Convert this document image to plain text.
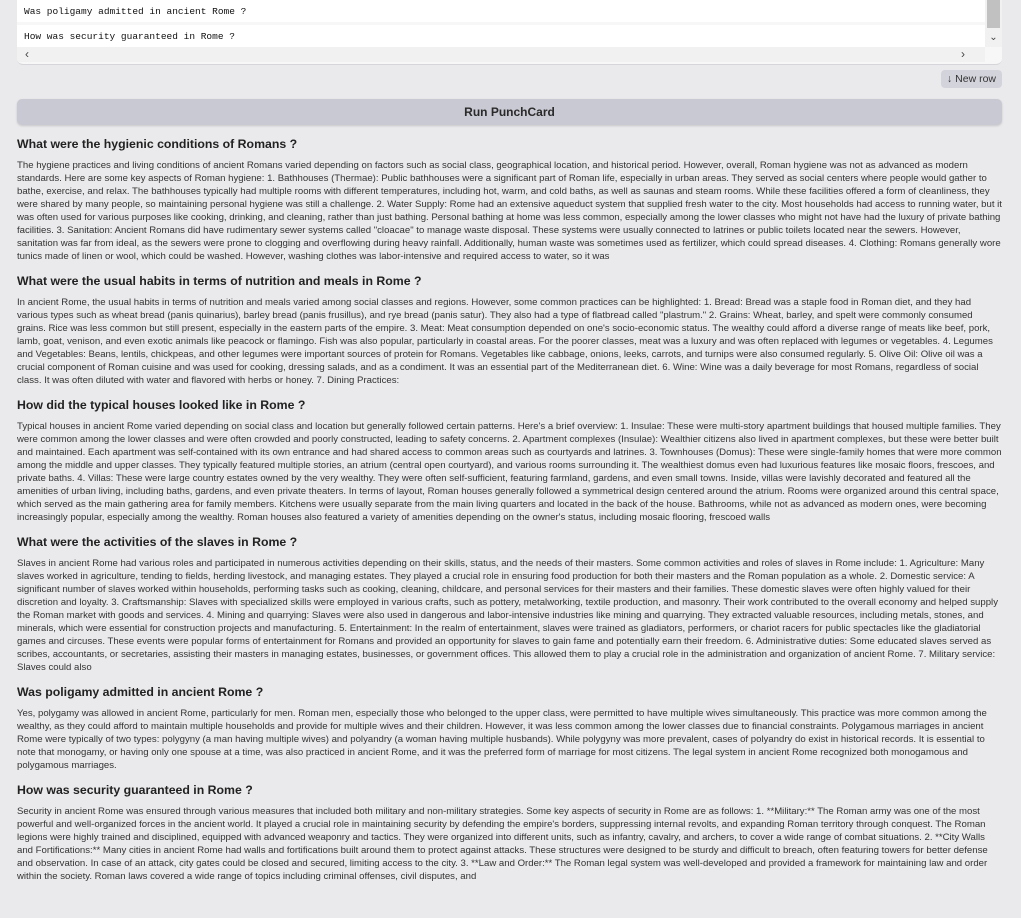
Was poligamy admitted in ancient Rome ?
How was security guaranteed in Rome ?	⌄
‹	›
↓ New row
Run PunchCard
What were the hygienic conditions of Romans ?

The hygiene practices and living conditions of ancient Romans varied depending on factors such as social class, geographical location, and historical period. However, overall, Roman hygiene was not as advanced as modern standards. Here are some key aspects of Roman hygiene: 1. Bathhouses (Thermae): Public bathhouses were a significant part of Roman life, especially in urban areas. They served as social centers where people would gather to bathe, exercise, and relax. The bathhouses typically had multiple rooms with different temperatures, including hot, warm, and cold baths, as well as saunas and steam rooms. While these facilities offered a form of cleanliness, they were shared by many people, so maintaining personal hygiene was still a challenge. 2. Water Supply: Rome had an extensive aqueduct system that supplied fresh water to the city. Most households had access to running water, but it was often used for various purposes like cooking, drinking, and cleaning, rather than just bathing. Personal bathing at home was less common, especially among the lower classes who might not have had the luxury of private bathing facilities. 3. Sanitation: Ancient Romans did have rudimentary sewer systems called "cloacae" to manage waste disposal. These systems were usually connected to latrines or public toilets located near the sewers. However, sanitation was far from ideal, as the sewers were prone to clogging and overflowing during heavy rainfall. Additionally, human waste was sometimes used as fertilizer, which could spread diseases. 4. Clothing: Romans generally wore tunics made of linen or wool, which could be washed. However, washing clothes was labor-intensive and required access to water, so it was

What were the usual habits in terms of nutrition and meals in Rome ?

In ancient Rome, the usual habits in terms of nutrition and meals varied among social classes and regions. However, some common practices can be highlighted: 1. Bread: Bread was a staple food in Roman diet, and they had various types such as wheat bread (panis quinarius), barley bread (panis frusillus), and rye bread (panis satur). They also had a type of flatbread called "plastrum." 2. Grains: Wheat, barley, and spelt were commonly consumed grains. Rice was less common but still present, especially in the eastern parts of the empire. 3. Meat: Meat consumption depended on one's socio-economic status. The wealthy could afford a diverse range of meats like beef, pork, lamb, goat, venison, and even exotic animals like peacock or flamingo. Fish was also popular, particularly in coastal areas. For the poorer classes, meat was a luxury and was often replaced with legumes or vegetables. 4. Legumes and Vegetables: Beans, lentils, chickpeas, and other legumes were important sources of protein for Romans. Vegetables like cabbage, onions, leeks, carrots, and turnips were also consumed regularly. 5. Olive Oil: Olive oil was a crucial component of Roman cuisine and was used for cooking, dressing salads, and as a condiment. It was an essential part of the Mediterranean diet. 6. Wine: Wine was a daily beverage for most Romans, regardless of social class. It was often diluted with water and flavored with herbs or honey. 7. Dining Practices:

How did the typical houses looked like in Rome ?

Typical houses in ancient Rome varied depending on social class and location but generally followed certain patterns. Here's a brief overview: 1. Insulae: These were multi-story apartment buildings that housed multiple families. They were common among the lower classes and were often crowded and poorly constructed, leading to safety concerns. 2. Apartment complexes (Insulae): Wealthier citizens also lived in apartment complexes, but these were better built and maintained. Each apartment was self-contained with its own entrance and had shared access to common areas such as courtyards and latrines. 3. Townhouses (Domus): These were single-family homes that were more common among the middle and upper classes. They typically featured multiple stories, an atrium (central open courtyard), and various rooms surrounding it. The wealthiest domus even had luxurious features like mosaic floors, frescoes, and private baths. 4. Villas: These were large country estates owned by the very wealthy. They were often self-sufficient, featuring farmland, gardens, and even small towns. Inside, villas were lavishly decorated and featured all the amenities of urban living, including baths, gardens, and even private theaters. In terms of layout, Roman houses generally followed a symmetrical design centered around the atrium. Rooms were organized around this central space, which served as the main gathering area for family members. Kitchens were usually separate from the main living quarters and located in the back of the house. Bathrooms, while not as advanced as modern ones, were becoming increasingly popular, especially among the wealthy. Roman houses also featured a variety of amenities depending on the owner's status, including mosaic flooring, frescoed walls

What were the activities of the slaves in Rome ?

Slaves in ancient Rome had various roles and participated in numerous activities depending on their skills, status, and the needs of their masters. Some common activities and roles of slaves in Rome include: 1. Agriculture: Many slaves worked in agriculture, tending to fields, herding livestock, and managing estates. They played a crucial role in ensuring food production for both their masters and the Roman population as a whole. 2. Domestic service: A significant number of slaves worked within households, performing tasks such as cooking, cleaning, childcare, and personal services for their masters and their families. These domestic slaves were often highly valued for their discretion and loyalty. 3. Craftsmanship: Slaves with specialized skills were employed in various crafts, such as pottery, metalworking, textile production, and masonry. Their work contributed to the overall economy and helped supply the Roman market with goods and services. 4. Mining and quarrying: Slaves were also used in dangerous and labor-intensive industries like mining and quarrying. They extracted valuable resources, including metals, stones, and minerals, which were essential for construction projects and manufacturing. 5. Entertainment: In the realm of entertainment, slaves were trained as gladiators, performers, or chariot racers for public spectacles like the gladiatorial games and circuses. These events were popular forms of entertainment for Romans and provided an opportunity for slaves to gain fame and potentially earn their freedom. 6. Administrative duties: Some educated slaves served as scribes, accountants, or secretaries, assisting their masters in managing estates, businesses, or government offices. This allowed them to play a crucial role in the administration and organization of ancient Rome. 7. Military service: Slaves could also

Was poligamy admitted in ancient Rome ?

Yes, polygamy was allowed in ancient Rome, particularly for men. Roman men, especially those who belonged to the upper class, were permitted to have multiple wives simultaneously. This practice was more common among the wealthy, as they could afford to maintain multiple households and provide for multiple wives and their children. However, it was less common among the lower classes due to financial constraints. Polygamous marriages in ancient Rome were typically of two types: polygyny (a man having multiple wives) and polyandry (a woman having multiple husbands). While polygyny was more prevalent, cases of polyandry do exist in historical records. It is essential to note that monogamy, or having only one spouse at a time, was also practiced in ancient Rome, and it was the preferred form of marriage for most citizens. The legal system in ancient Rome recognized both monogamous and polygamous marriages.

How was security guaranteed in Rome ?

Security in ancient Rome was ensured through various measures that included both military and non-military strategies. Some key aspects of security in Rome are as follows: 1. **Military:** The Roman army was one of the most powerful and well-organized forces in the ancient world. It played a crucial role in maintaining security by defending the empire's borders, suppressing internal revolts, and expanding Roman territory through conquest. The Roman legions were highly trained and disciplined, equipped with advanced weaponry and tactics. They were organized into different units, such as infantry, cavalry, and archers, to cover a wide range of combat situations. 2. **City Walls and Fortifications:** Many cities in ancient Rome had walls and fortifications built around them to protect against attacks. These structures were designed to be sturdy and difficult to breach, often featuring towers for better defense and observation. In case of an attack, city gates could be closed and secured, limiting access to the city. 3. **Law and Order:** The Roman legal system was well-developed and provided a framework for maintaining law and order within the society. Roman laws covered a wide range of topics including criminal offenses, civil disputes, and
